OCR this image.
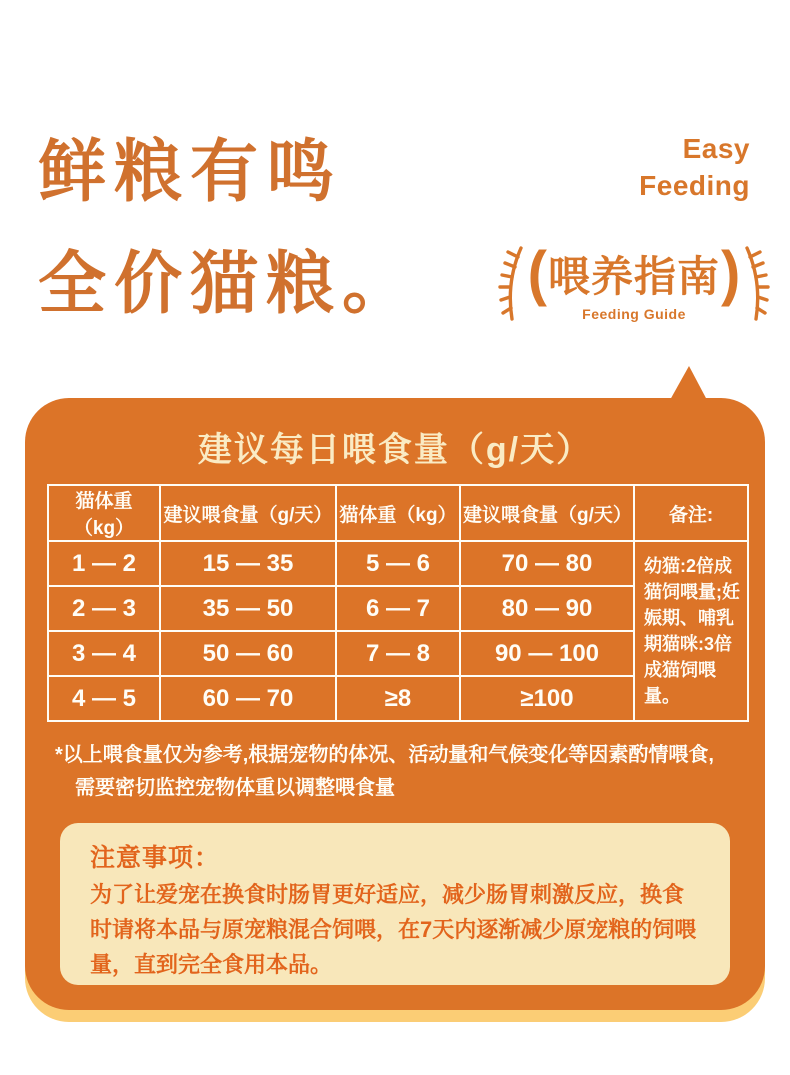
鲜粮有鸣
全价猫粮。
Easy
Feeding
( 喂养指南 )
Feeding Guide
建议每日喂食量（g/天）
猫体重（kg）	建议喂食量（g/天）	猫体重（kg）	建议喂食量（g/天）	备注:
1 — 2	15 — 35	5 — 6	70 — 80	幼猫:2倍成猫饲喂量;妊娠期、哺乳期猫咪:3倍成猫饲喂量。
2 — 3	35 — 50	6 — 7	80 — 90	
3 — 4	50 — 60	7 — 8	90 — 100	
4 — 5	60 — 70	≥8	≥100	
*以上喂食量仅为参考,根据宠物的体况、活动量和气候变化等因素酌情喂食,
需要密切监控宠物体重以调整喂食量
注意事项：
为了让爱宠在换食时肠胃更好适应，减少肠胃刺激反应，换食时请将本品与原宠粮混合饲喂，在7天内逐渐减少原宠粮的饲喂量，直到完全食用本品。
